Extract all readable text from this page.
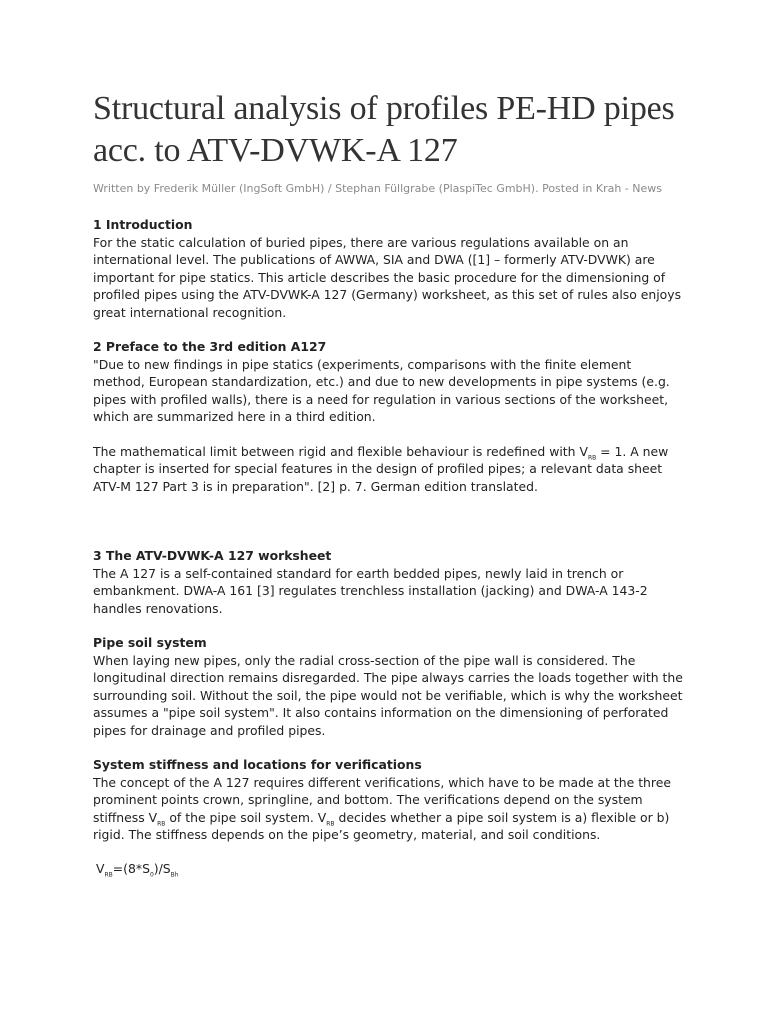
Structural analysis of profiles PE-HD pipes acc. to ATV-DVWK-A 127
Written by Frederik Müller (IngSoft GmbH) / Stephan Füllgrabe (PlaspiTec GmbH). Posted in Krah - News
1 Introduction

For the static calculation of buried pipes, there are various regulations available on an international level. The publications of AWWA, SIA and DWA ([1] – formerly ATV-DVWK) are important for pipe statics. This article describes the basic procedure for the dimensioning of profiled pipes using the ATV-DVWK-A 127 (Germany) worksheet, as this set of rules also enjoys great international recognition.

2 Preface to the 3rd edition A127

"Due to new findings in pipe statics (experiments, comparisons with the finite element method, European standardization, etc.) and due to new developments in pipe systems (e.g. pipes with profiled walls), there is a need for regulation in various sections of the worksheet, which are summarized here in a third edition.

The mathematical limit between rigid and flexible behaviour is redefined with $V_{RB} = 1$. A new chapter is inserted for special features in the design of profiled pipes; a relevant data sheet ATV-M 127 Part 3 is in preparation". [2] p. 7. German edition translated.

3 The ATV-DVWK-A 127 worksheet

The A 127 is a self-contained standard for earth bedded pipes, newly laid in trench or embankment. DWA-A 161 [3] regulates trenchless installation (jacking) and DWA-A 143-2 handles renovations.

Pipe soil system

When laying new pipes, only the radial cross-section of the pipe wall is considered. The longitudinal direction remains disregarded. The pipe always carries the loads together with the surrounding soil. Without the soil, the pipe would not be verifiable, which is why the worksheet assumes a "pipe soil system". It also contains information on the dimensioning of perforated pipes for drainage and profiled pipes.

System stiffness and locations for verifications

The concept of the A 127 requires different verifications, which have to be made at the three prominent points crown, springline, and bottom. The verifications depend on the system stiffness $V_{RB}$ of the pipe soil system. $V_{RB}$ decides whether a pipe soil system is a) flexible or b) rigid. The stiffness depends on the pipe’s geometry, material, and soil conditions.

$V_{RB}=(8*S_0)/S_{Bh}$
